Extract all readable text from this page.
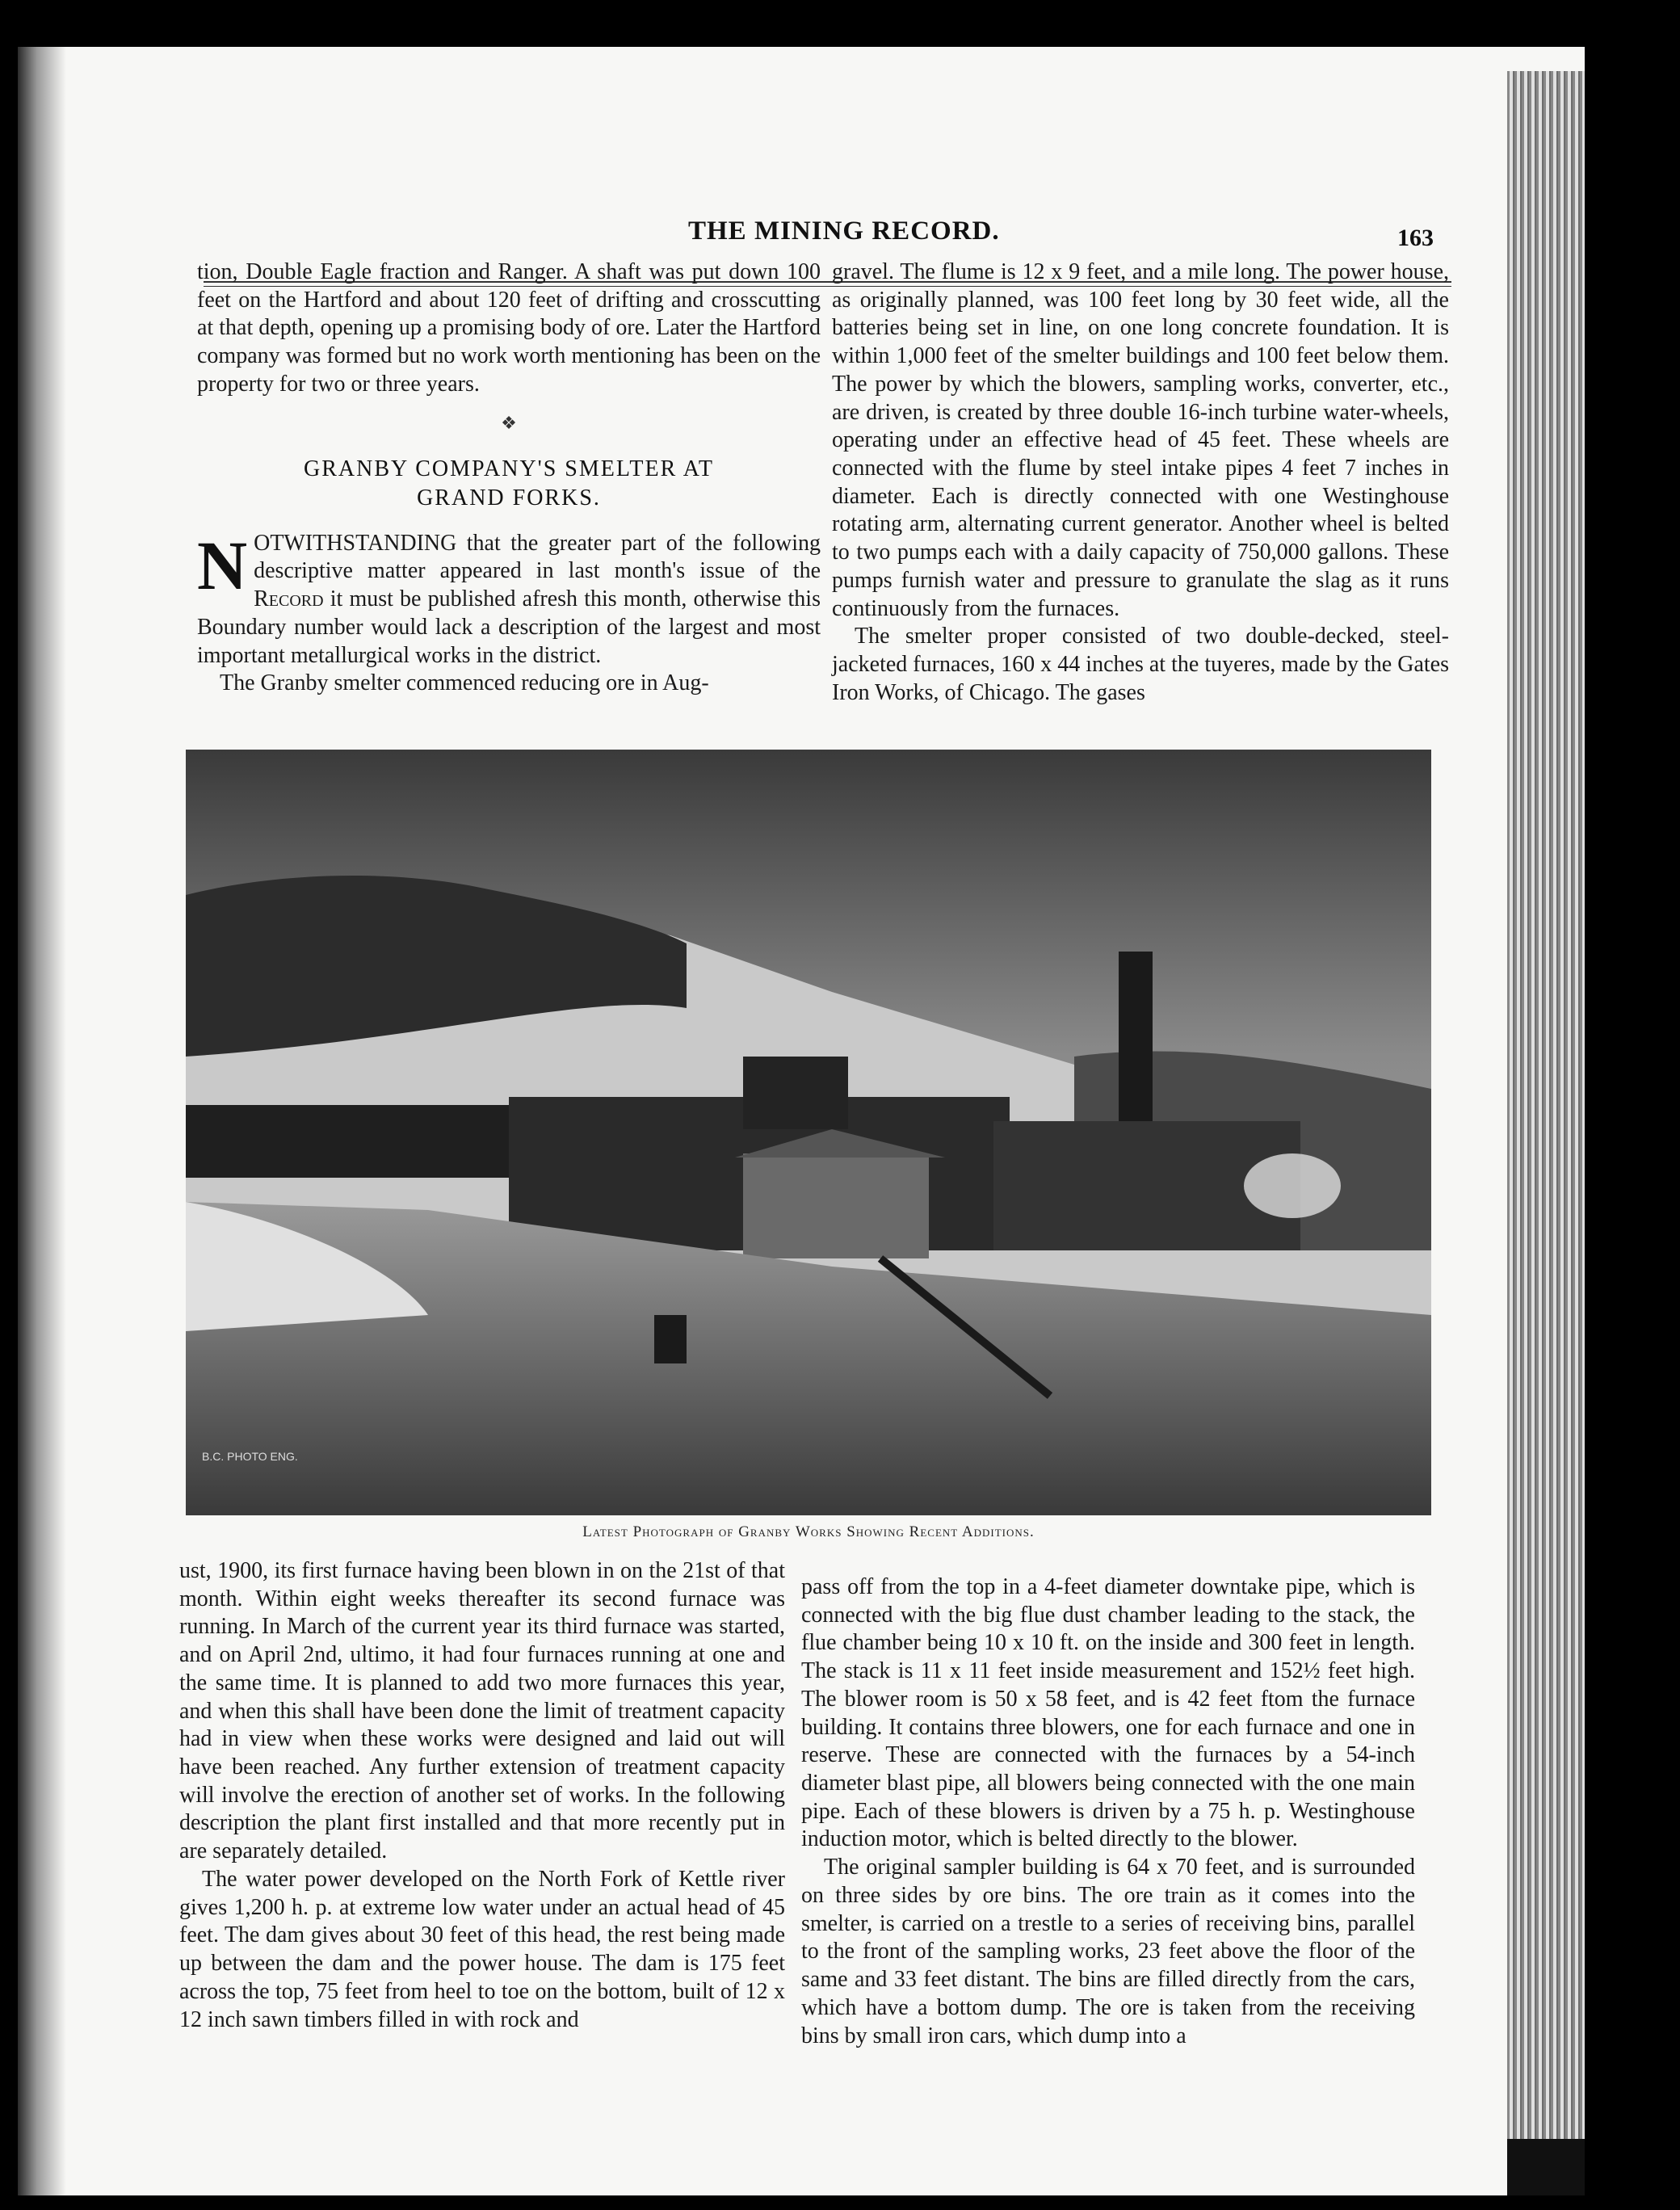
THE MINING RECORD.	163

tion, Double Eagle fraction and Ranger. A shaft was put down 100 feet on the Hartford and about 120 feet of drifting and crosscutting at that depth, opening up a promising body of ore. Later the Hartford company was formed but no work worth mentioning has been on the property for two or three years.

❖
GRANBY COMPANY'S SMELTER AT
GRAND FORKS.

NOTWITHSTANDING that the greater part of the following descriptive matter appeared in last month's issue of the Record it must be published afresh this month, otherwise this Boundary number would lack a description of the largest and most important metallurgical works in the district.

The Granby smelter commenced reducing ore in Aug-

gravel. The flume is 12 x 9 feet, and a mile long. The power house, as originally planned, was 100 feet long by 30 feet wide, all the batteries being set in line, on one long concrete foundation. It is within 1,000 feet of the smelter buildings and 100 feet below them. The power by which the blowers, sampling works, converter, etc., are driven, is created by three double 16-inch turbine water-wheels, operating under an effective head of 45 feet. These wheels are connected with the flume by steel intake pipes 4 feet 7 inches in diameter. Each is directly connected with one Westinghouse rotating arm, alternating current generator. Another wheel is belted to two pumps each with a daily capacity of 750,000 gallons. These pumps furnish water and pressure to granulate the slag as it runs continuously from the furnaces.

The smelter proper consisted of two double-decked, steel-jacketed furnaces, 160 x 44 inches at the tuyeres, made by the Gates Iron Works, of Chicago. The gases

B.C. PHOTO ENG.
Latest Photograph of Granby Works Showing Recent Additions.

ust, 1900, its first furnace having been blown in on the 21st of that month. Within eight weeks thereafter its second furnace was running. In March of the current year its third furnace was started, and on April 2nd, ultimo, it had four furnaces running at one and the same time. It is planned to add two more furnaces this year, and when this shall have been done the limit of treatment capacity had in view when these works were designed and laid out will have been reached. Any further extension of treatment capacity will involve the erection of another set of works. In the following description the plant first installed and that more recently put in are separately detailed.

The water power developed on the North Fork of Kettle river gives 1,200 h. p. at extreme low water under an actual head of 45 feet. The dam gives about 30 feet of this head, the rest being made up between the dam and the power house. The dam is 175 feet across the top, 75 feet from heel to toe on the bottom, built of 12 x 12 inch sawn timbers filled in with rock and

pass off from the top in a 4-feet diameter downtake pipe, which is connected with the big flue dust chamber leading to the stack, the flue chamber being 10 x 10 ft. on the inside and 300 feet in length. The stack is 11 x 11 feet inside measurement and 152½ feet high. The blower room is 50 x 58 feet, and is 42 feet ftom the furnace building. It contains three blowers, one for each furnace and one in reserve. These are connected with the furnaces by a 54-inch diameter blast pipe, all blowers being connected with the one main pipe. Each of these blowers is driven by a 75 h. p. Westinghouse induction motor, which is belted directly to the blower.

The original sampler building is 64 x 70 feet, and is surrounded on three sides by ore bins. The ore train as it comes into the smelter, is carried on a trestle to a series of receiving bins, parallel to the front of the sampling works, 23 feet above the floor of the same and 33 feet distant. The bins are filled directly from the cars, which have a bottom dump. The ore is taken from the receiving bins by small iron cars, which dump into a
